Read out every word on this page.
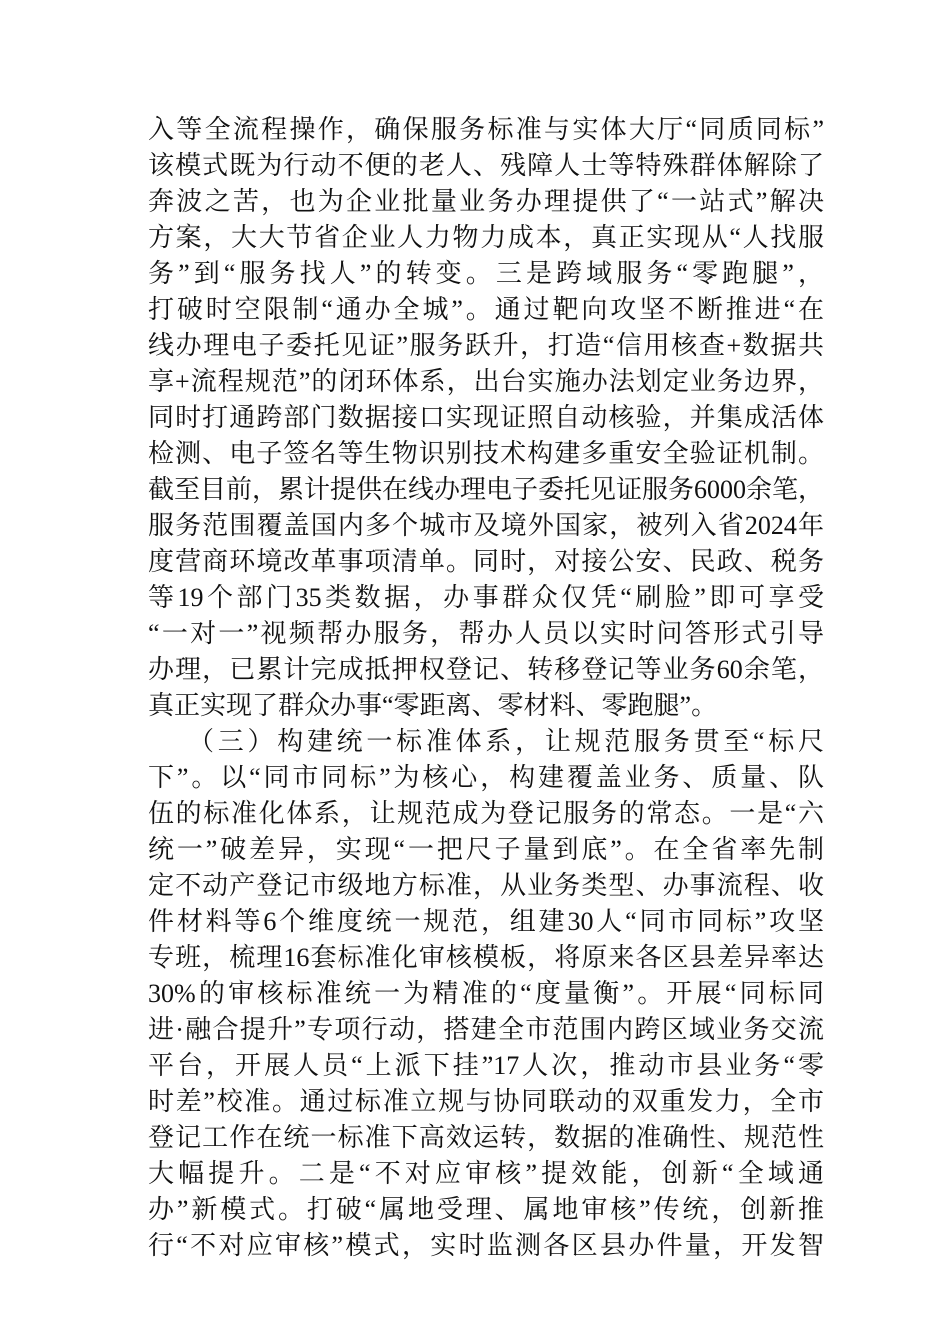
入等全流程操作，确保服务标准与实体大厅“同质同标”
该模式既为行动不便的老人、残障人士等特殊群体解除了
奔波之苦，也为企业批量业务办理提供了“一站式”解决
方案，大大节省企业人力物力成本，真正实现从“人找服
务”到“服务找人”的转变。三是跨域服务“零跑腿”，
打破时空限制“通办全城”。通过靶向攻坚不断推进“在
线办理电子委托见证”服务跃升，打造“信用核查+数据共
享+流程规范”的闭环体系，出台实施办法划定业务边界，
同时打通跨部门数据接口实现证照自动核验，并集成活体
检测、电子签名等生物识别技术构建多重安全验证机制。
截至目前，累计提供在线办理电子委托见证服务6000余笔，
服务范围覆盖国内多个城市及境外国家，被列入省2024年
度营商环境改革事项清单。同时，对接公安、民政、税务
等19个部门35类数据，办事群众仅凭“刷脸”即可享受
“一对一”视频帮办服务，帮办人员以实时问答形式引导
办理，已累计完成抵押权登记、转移登记等业务60余笔，
真正实现了群众办事“零距离、零材料、零跑腿”。
（三）构建统一标准体系，让规范服务贯至“标尺
下”。以“同市同标”为核心，构建覆盖业务、质量、队
伍的标准化体系，让规范成为登记服务的常态。一是“六
统一”破差异，实现“一把尺子量到底”。在全省率先制
定不动产登记市级地方标准，从业务类型、办事流程、收
件材料等6个维度统一规范，组建30人“同市同标”攻坚
专班，梳理16套标准化审核模板，将原来各区县差异率达
30%的审核标准统一为精准的“度量衡”。开展“同标同
进·融合提升”专项行动，搭建全市范围内跨区域业务交流
平台，开展人员“上派下挂”17人次，推动市县业务“零
时差”校准。通过标准立规与协同联动的双重发力，全市
登记工作在统一标准下高效运转，数据的准确性、规范性
大幅提升。二是“不对应审核”提效能，创新“全域通
办”新模式。打破“属地受理、属地审核”传统，创新推
行“不对应审核”模式，实时监测各区县办件量，开发智
